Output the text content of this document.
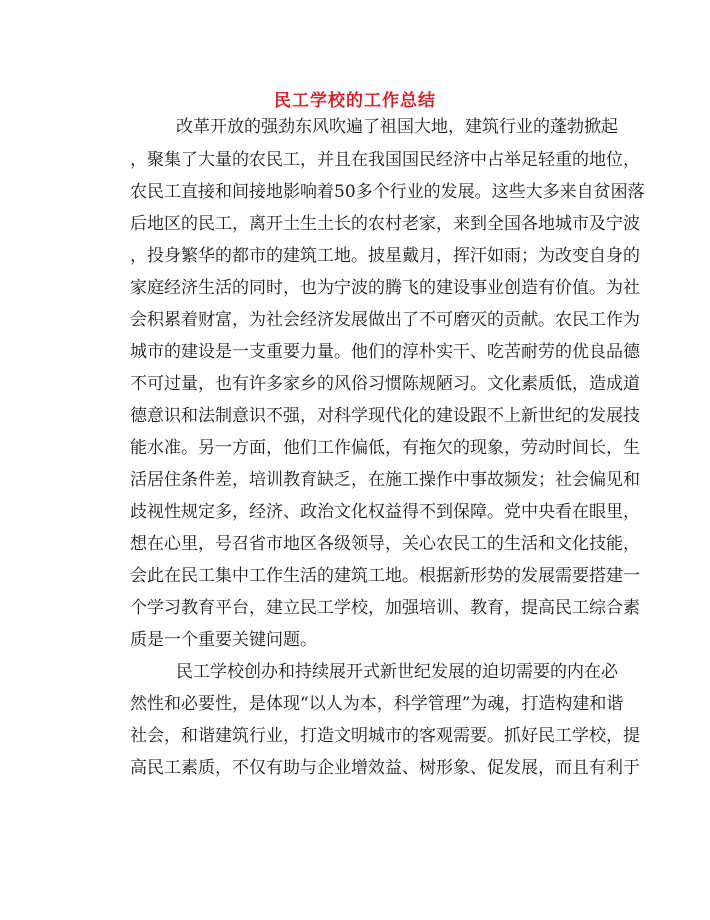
民工学校的工作总结
改革开放的强劲东风吹遍了祖国大地，建筑行业的蓬勃掀起
，聚集了大量的农民工，并且在我国国民经济中占举足轻重的地位，
农民工直接和间接地影响着50多个行业的发展。这些大多来自贫困落
后地区的民工，离开土生土长的农村老家，来到全国各地城市及宁波
，投身繁华的都市的建筑工地。披星戴月，挥汗如雨；为改变自身的
家庭经济生活的同时，也为宁波的腾飞的建设事业创造有价值。为社
会积累着财富，为社会经济发展做出了不可磨灭的贡献。农民工作为
城市的建设是一支重要力量。他们的淳朴实干、吃苦耐劳的优良品德
不可过量，也有许多家乡的风俗习惯陈规陋习。文化素质低，造成道
德意识和法制意识不强，对科学现代化的建设跟不上新世纪的发展技
能水准。另一方面，他们工作偏低，有拖欠的现象，劳动时间长，生
活居住条件差，培训教育缺乏，在施工操作中事故频发；社会偏见和
歧视性规定多，经济、政治文化权益得不到保障。党中央看在眼里，
想在心里，号召省市地区各级领导，关心农民工的生活和文化技能，
会此在民工集中工作生活的建筑工地。根据新形势的发展需要搭建一
个学习教育平台，建立民工学校，加强培训、教育，提高民工综合素
质是一个重要关键问题。
民工学校创办和持续展开式新世纪发展的迫切需要的内在必
然性和必要性，是体现“以人为本，科学管理”为魂，打造构建和谐
社会，和谐建筑行业，打造文明城市的客观需要。抓好民工学校，提
高民工素质，不仅有助与企业增效益、树形象、促发展，而且有利于
